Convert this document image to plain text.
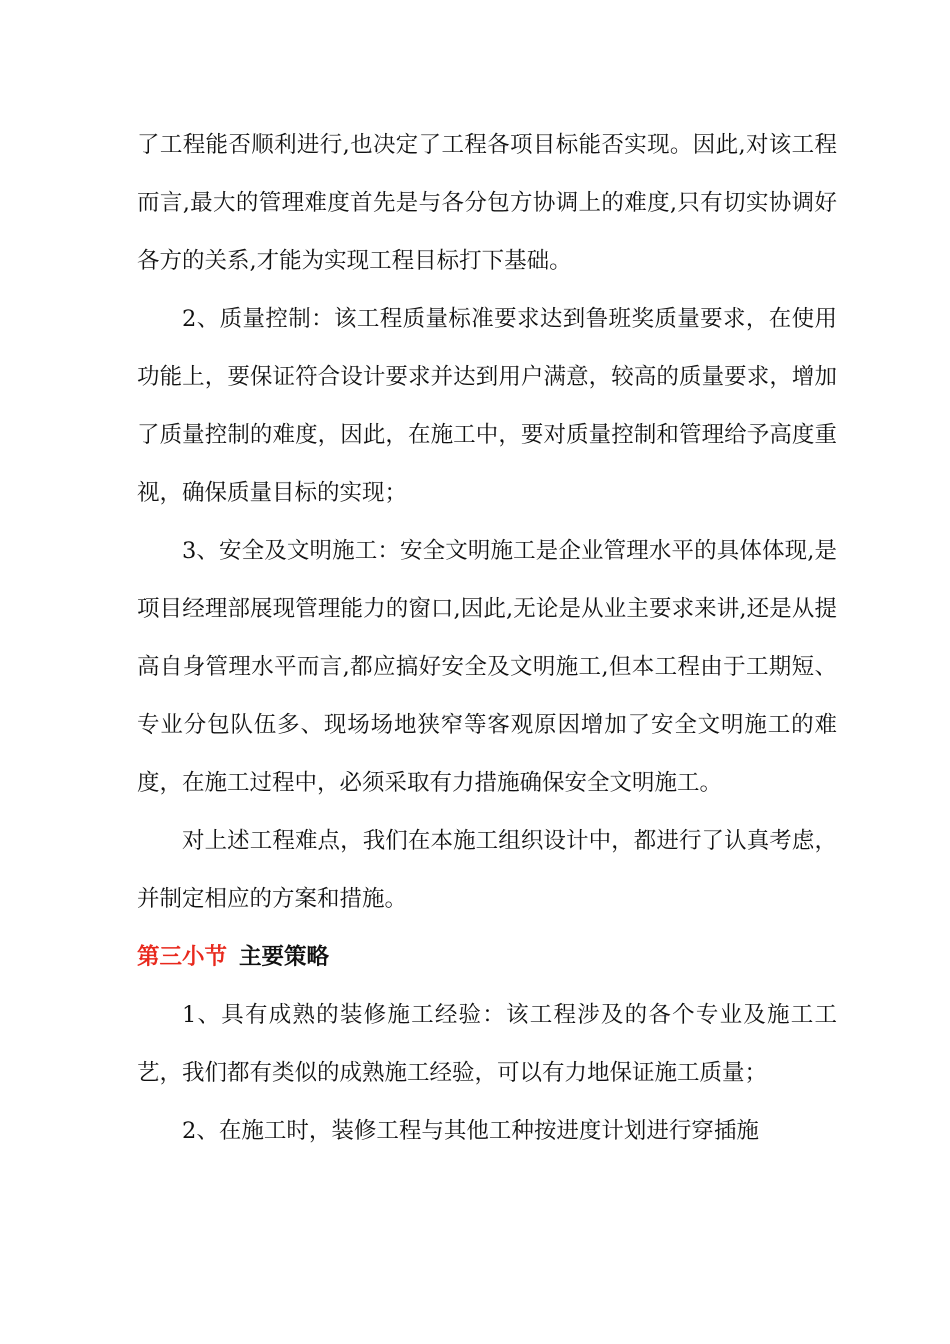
了工程能否顺利进行,也决定了工程各项目标能否实现。因此,对该工程而言,最大的管理难度首先是与各分包方协调上的难度,只有切实协调好各方的关系,才能为实现工程目标打下基础。

2、质量控制：该工程质量标准要求达到鲁班奖质量要求，在使用功能上，要保证符合设计要求并达到用户满意，较高的质量要求，增加了质量控制的难度，因此，在施工中，要对质量控制和管理给予高度重视，确保质量目标的实现；

3、安全及文明施工：安全文明施工是企业管理水平的具体体现,是项目经理部展现管理能力的窗口,因此,无论是从业主要求来讲,还是从提高自身管理水平而言,都应搞好安全及文明施工,但本工程由于工期短、专业分包队伍多、现场场地狭窄等客观原因增加了安全文明施工的难度，在施工过程中，必须采取有力措施确保安全文明施工。

对上述工程难点，我们在本施工组织设计中，都进行了认真考虑，并制定相应的方案和措施。

第三小节 主要策略

1、具有成熟的装修施工经验：该工程涉及的各个专业及施工工艺，我们都有类似的成熟施工经验，可以有力地保证施工质量；

2、在施工时，装修工程与其他工种按进度计划进行穿插施
